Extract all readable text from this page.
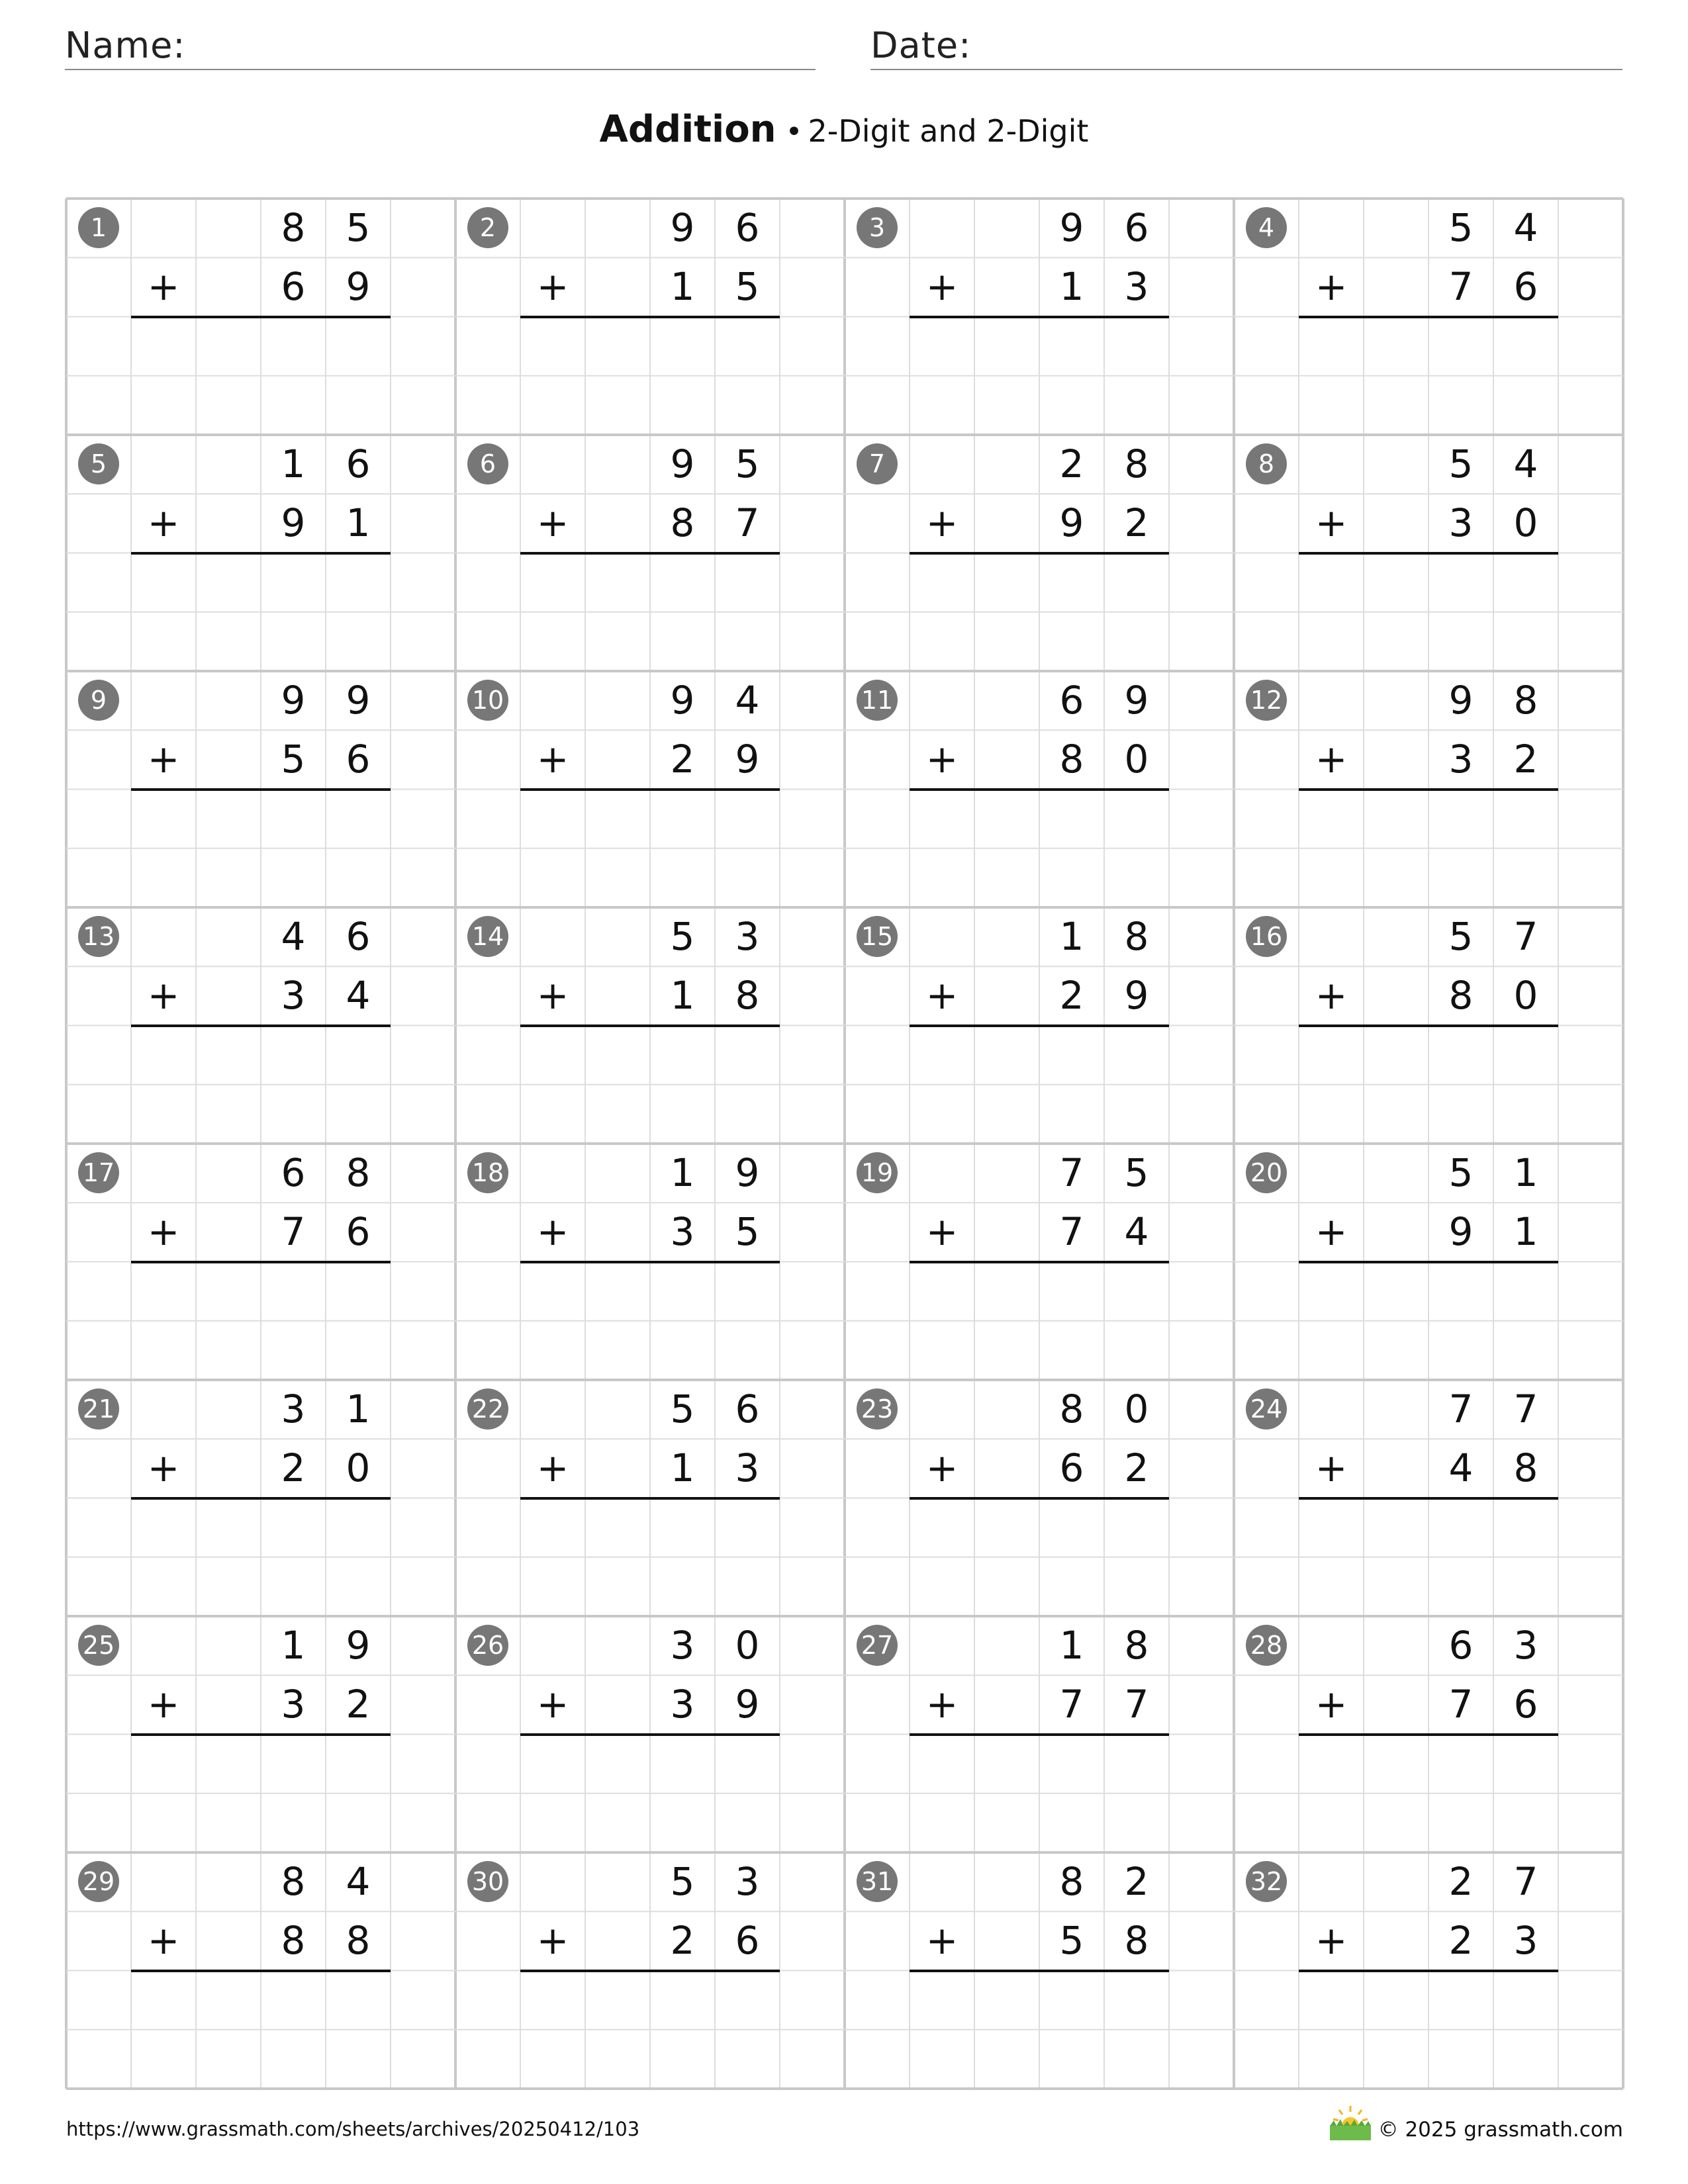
Name:	Date:
Addition • 2-Digit and 2-Digit
1	8	5
+	6	9
2	9	6
+	1	5
3	9	6
+	1	3
4	5	4
+	7	6
5	1	6
+	9	1
6	9	5
+	8	7
7	2	8
+	9	2
8	5	4
+	3	0
9	9	9
+	5	6
10	9	4
+	2	9
11	6	9
+	8	0
12	9	8
+	3	2
13	4	6
+	3	4
14	5	3
+	1	8
15	1	8
+	2	9
16	5	7
+	8	0
17	6	8
+	7	6
18	1	9
+	3	5
19	7	5
+	7	4
20	5	1
+	9	1
21	3	1
+	2	0
22	5	6
+	1	3
23	8	0
+	6	2
24	7	7
+	4	8
25	1	9
+	3	2
26	3	0
+	3	9
27	1	8
+	7	7
28	6	3
+	7	6
29	8	4
+	8	8
30	5	3
+	2	6
31	8	2
+	5	8
32	2	7
+	2	3
https://www.grassmath.com/sheets/archives/20250412/103	© 2025 grassmath.com
